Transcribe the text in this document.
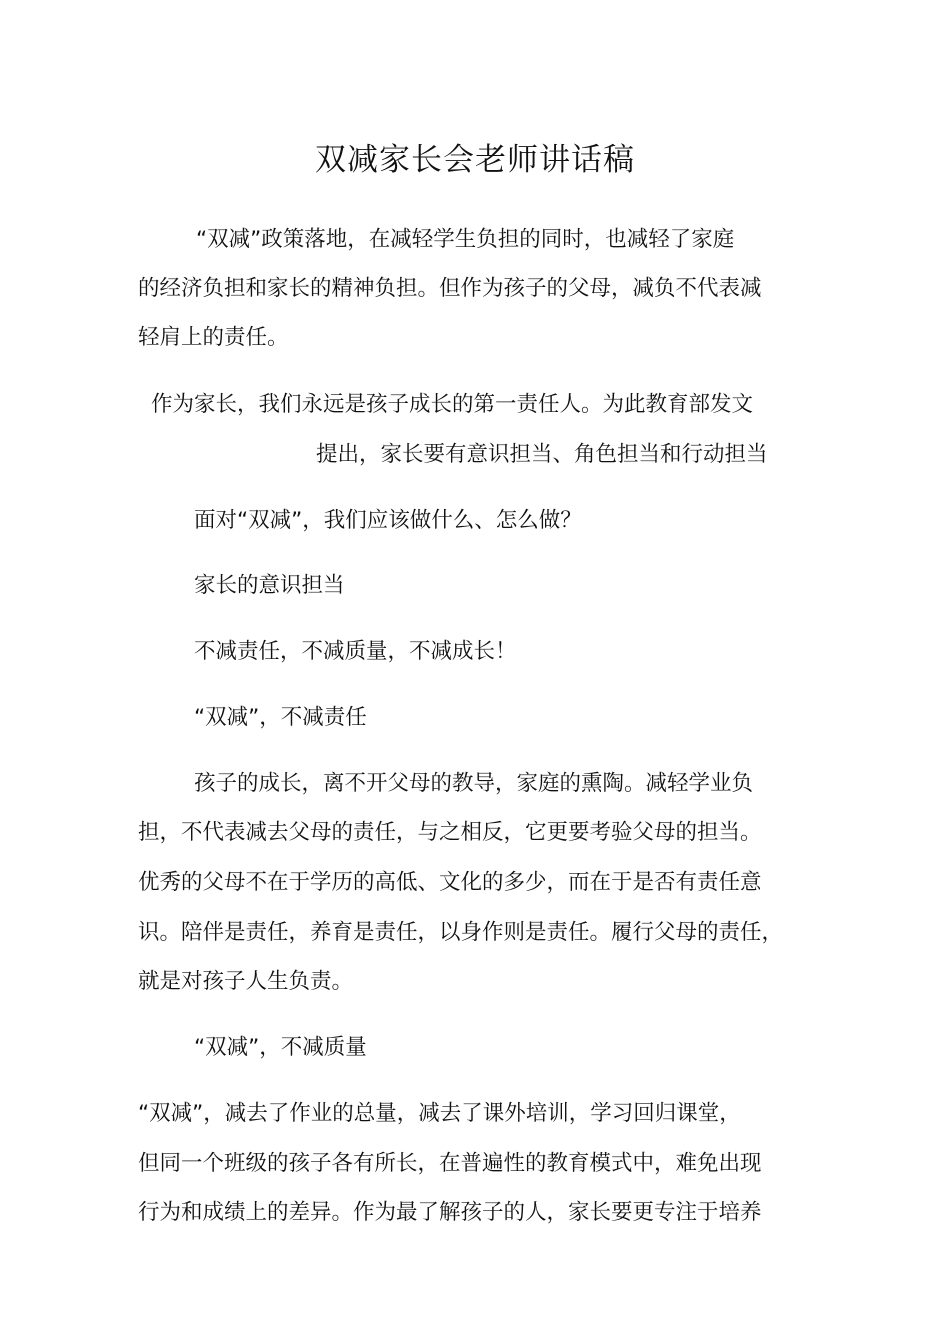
双减家长会老师讲话稿

“双减”政策落地，在减轻学生负担的同时，也减轻了家庭

的经济负担和家长的精神负担。但作为孩子的父母，减负不代表减

轻肩上的责任。

作为家长，我们永远是孩子成长的第一责任人。为此教育部发文

提出，家长要有意识担当、角色担当和行动担当

面对“双减”，我们应该做什么、怎么做？

家长的意识担当

不减责任，不减质量，不减成长！

“双减”，不减责任

孩子的成长，离不开父母的教导，家庭的熏陶。减轻学业负

担，不代表减去父母的责任，与之相反，它更要考验父母的担当。

优秀的父母不在于学历的高低、文化的多少，而在于是否有责任意

识。陪伴是责任，养育是责任，以身作则是责任。履行父母的责任，

就是对孩子人生负责。

“双减”，不减质量

“双减”，减去了作业的总量，减去了课外培训，学习回归课堂，

但同一个班级的孩子各有所长，在普遍性的教育模式中，难免出现

行为和成绩上的差异。作为最了解孩子的人，家长要更专注于培养
